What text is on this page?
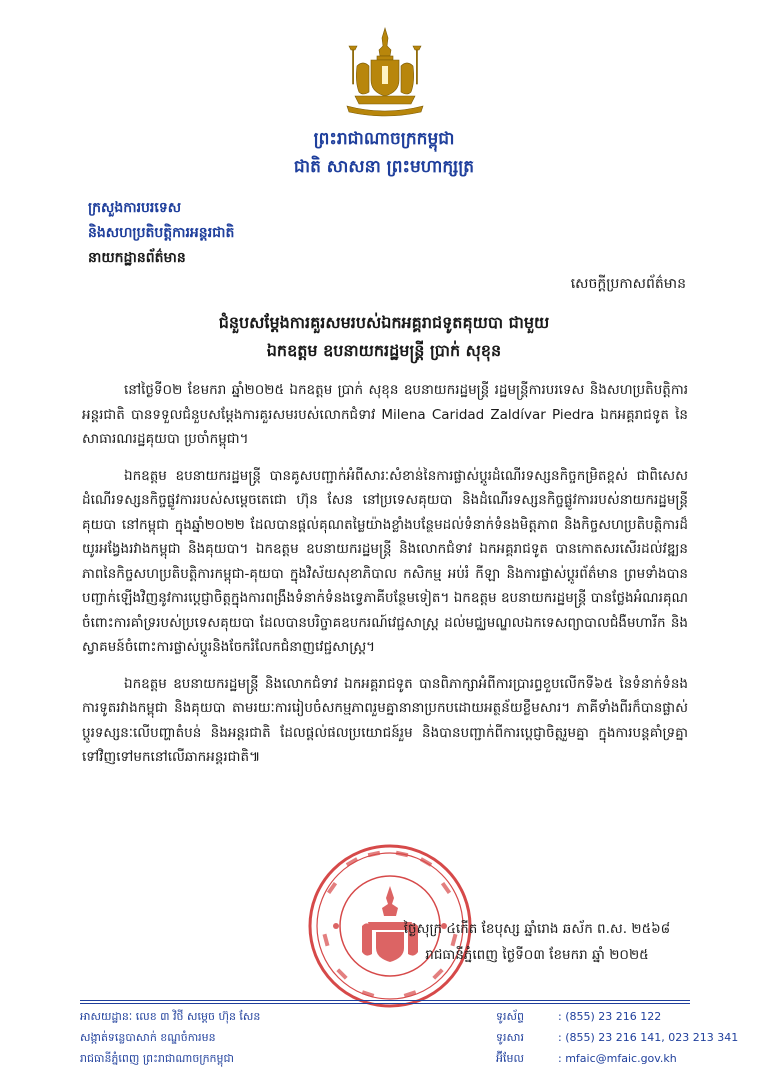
ព្រះរាជាណាចក្រកម្ពុជា
ជាតិ សាសនា ព្រះមហាក្សត្រ
ក្រសួងការបរទេស
និងសហប្រតិបត្តិការអន្តរជាតិ
នាយកដ្ឋានព័ត៌មាន
សេចក្តីប្រកាសព័ត៌មាន
ជំនួបសម្តែងការគួរសមរបស់ឯកអគ្គរាជទូតគុយបា ជាមួយ
ឯកឧត្តម ឧបនាយករដ្ឋមន្ត្រី ប្រាក់ សុខុន

នៅថ្ងៃទី០២ ខែមករា ឆ្នាំ២០២៥ ឯកឧត្តម ប្រាក់ សុខុន ឧបនាយករដ្ឋមន្ត្រី រដ្ឋមន្ត្រីការបរទេស និងសហប្រតិបត្តិការអន្តរជាតិ បានទទួលជំនួបសម្តែងការគួរសមរបស់លោកជំទាវ Milena Caridad Zaldívar Piedra ឯកអគ្គរាជទូត នៃសាធារណរដ្ឋគុយបា ប្រចាំកម្ពុជា។

ឯកឧត្តម ឧបនាយករដ្ឋមន្ត្រី បានគូសបញ្ជាក់អំពីសារៈសំខាន់នៃការផ្លាស់ប្តូរដំណើរទស្សនកិច្ចកម្រិតខ្ពស់ ជាពិសេសដំណើរទស្សនកិច្ចផ្លូវការរបស់សម្តេចតេជោ ហ៊ុន សែន នៅប្រទេសគុយបា និងដំណើរទស្សនកិច្ចផ្លូវការរបស់នាយករដ្ឋមន្ត្រីគុយបា នៅកម្ពុជា ក្នុងឆ្នាំ២០២២ ដែលបានផ្តល់គុណតម្លៃយ៉ាងខ្លាំងបន្ថែមដល់ទំនាក់ទំនងមិត្តភាព និងកិច្ចសហប្រតិបត្តិការដ៏យូរអង្វែងរវាងកម្ពុជា និងគុយបា។ ឯកឧត្តម ឧបនាយករដ្ឋមន្ត្រី និងលោកជំទាវ ឯកអគ្គរាជទូត បានកោតសរសើរដល់វឌ្ឍនភាពនៃកិច្ចសហប្រតិបត្តិការកម្ពុជា-គុយបា ក្នុងវិស័យសុខាភិបាល កសិកម្ម អប់រំ កីឡា និងការផ្លាស់ប្តូរព័ត៌មាន ព្រមទាំងបានបញ្ជាក់ឡើងវិញនូវការប្តេជ្ញាចិត្តក្នុងការពង្រឹងទំនាក់ទំនងទ្វេភាគីបន្ថែមទៀត។ ឯកឧត្តម ឧបនាយករដ្ឋមន្ត្រី បានថ្លែងអំណរគុណចំពោះការគាំទ្ររបស់ប្រទេសគុយបា ដែលបានបរិច្ចាគឧបករណ៍វេជ្ជសាស្ត្រ ដល់មជ្ឈមណ្ឌលឯកទេសព្យាបាលជំងឺមហារីក និងស្វាគមន៍ចំពោះការផ្លាស់ប្តូរនិងចែករំលែកជំនាញវេជ្ជសាស្ត្រ។

ឯកឧត្តម ឧបនាយករដ្ឋមន្ត្រី និងលោកជំទាវ ឯកអគ្គរាជទូត បានពិភាក្សាអំពីការប្រារព្ធខួបលើកទី៦៥ នៃទំនាក់ទំនងការទូតរវាងកម្ពុជា និងគុយបា តាមរយៈការរៀបចំសកម្មភាពរួមគ្នានានាប្រកបដោយអត្ថន័យខ្លឹមសារ។ ភាគីទាំងពីរក៏បានផ្លាស់ប្តូរទស្សនៈលើបញ្ហាតំបន់ និងអន្តរជាតិ ដែលផ្តល់ផលប្រយោជន៍រួម និងបានបញ្ជាក់ពីការប្តេជ្ញាចិត្តរួមគ្នា ក្នុងការបន្តគាំទ្រគ្នាទៅវិញទៅមកនៅលើឆាកអន្តរជាតិ៕

ថ្ងៃសុក្រ ៤កើត ខែបុស្ស ឆ្នាំរោង ឆស័ក ព.ស. ២៥៦៨
រាជធានីភ្នំពេញ ថ្ងៃទី០៣ ខែមករា ឆ្នាំ ២០២៥
អាសយដ្ឋានៈ លេខ ៣ វិថី សម្តេច ហ៊ុន សែន
សង្កាត់ទន្លេបាសាក់ ខណ្ឌចំការមន
រាជធានីភ្នំពេញ ព្រះរាជាណាចក្រកម្ពុជា
ទូរស័ព្ទ	: (855) 23 216 122
ទូរសារ	: (855) 23 216 141, 023 213 341
អ៊ីមែល	: mfaic@mfaic.gov.kh
